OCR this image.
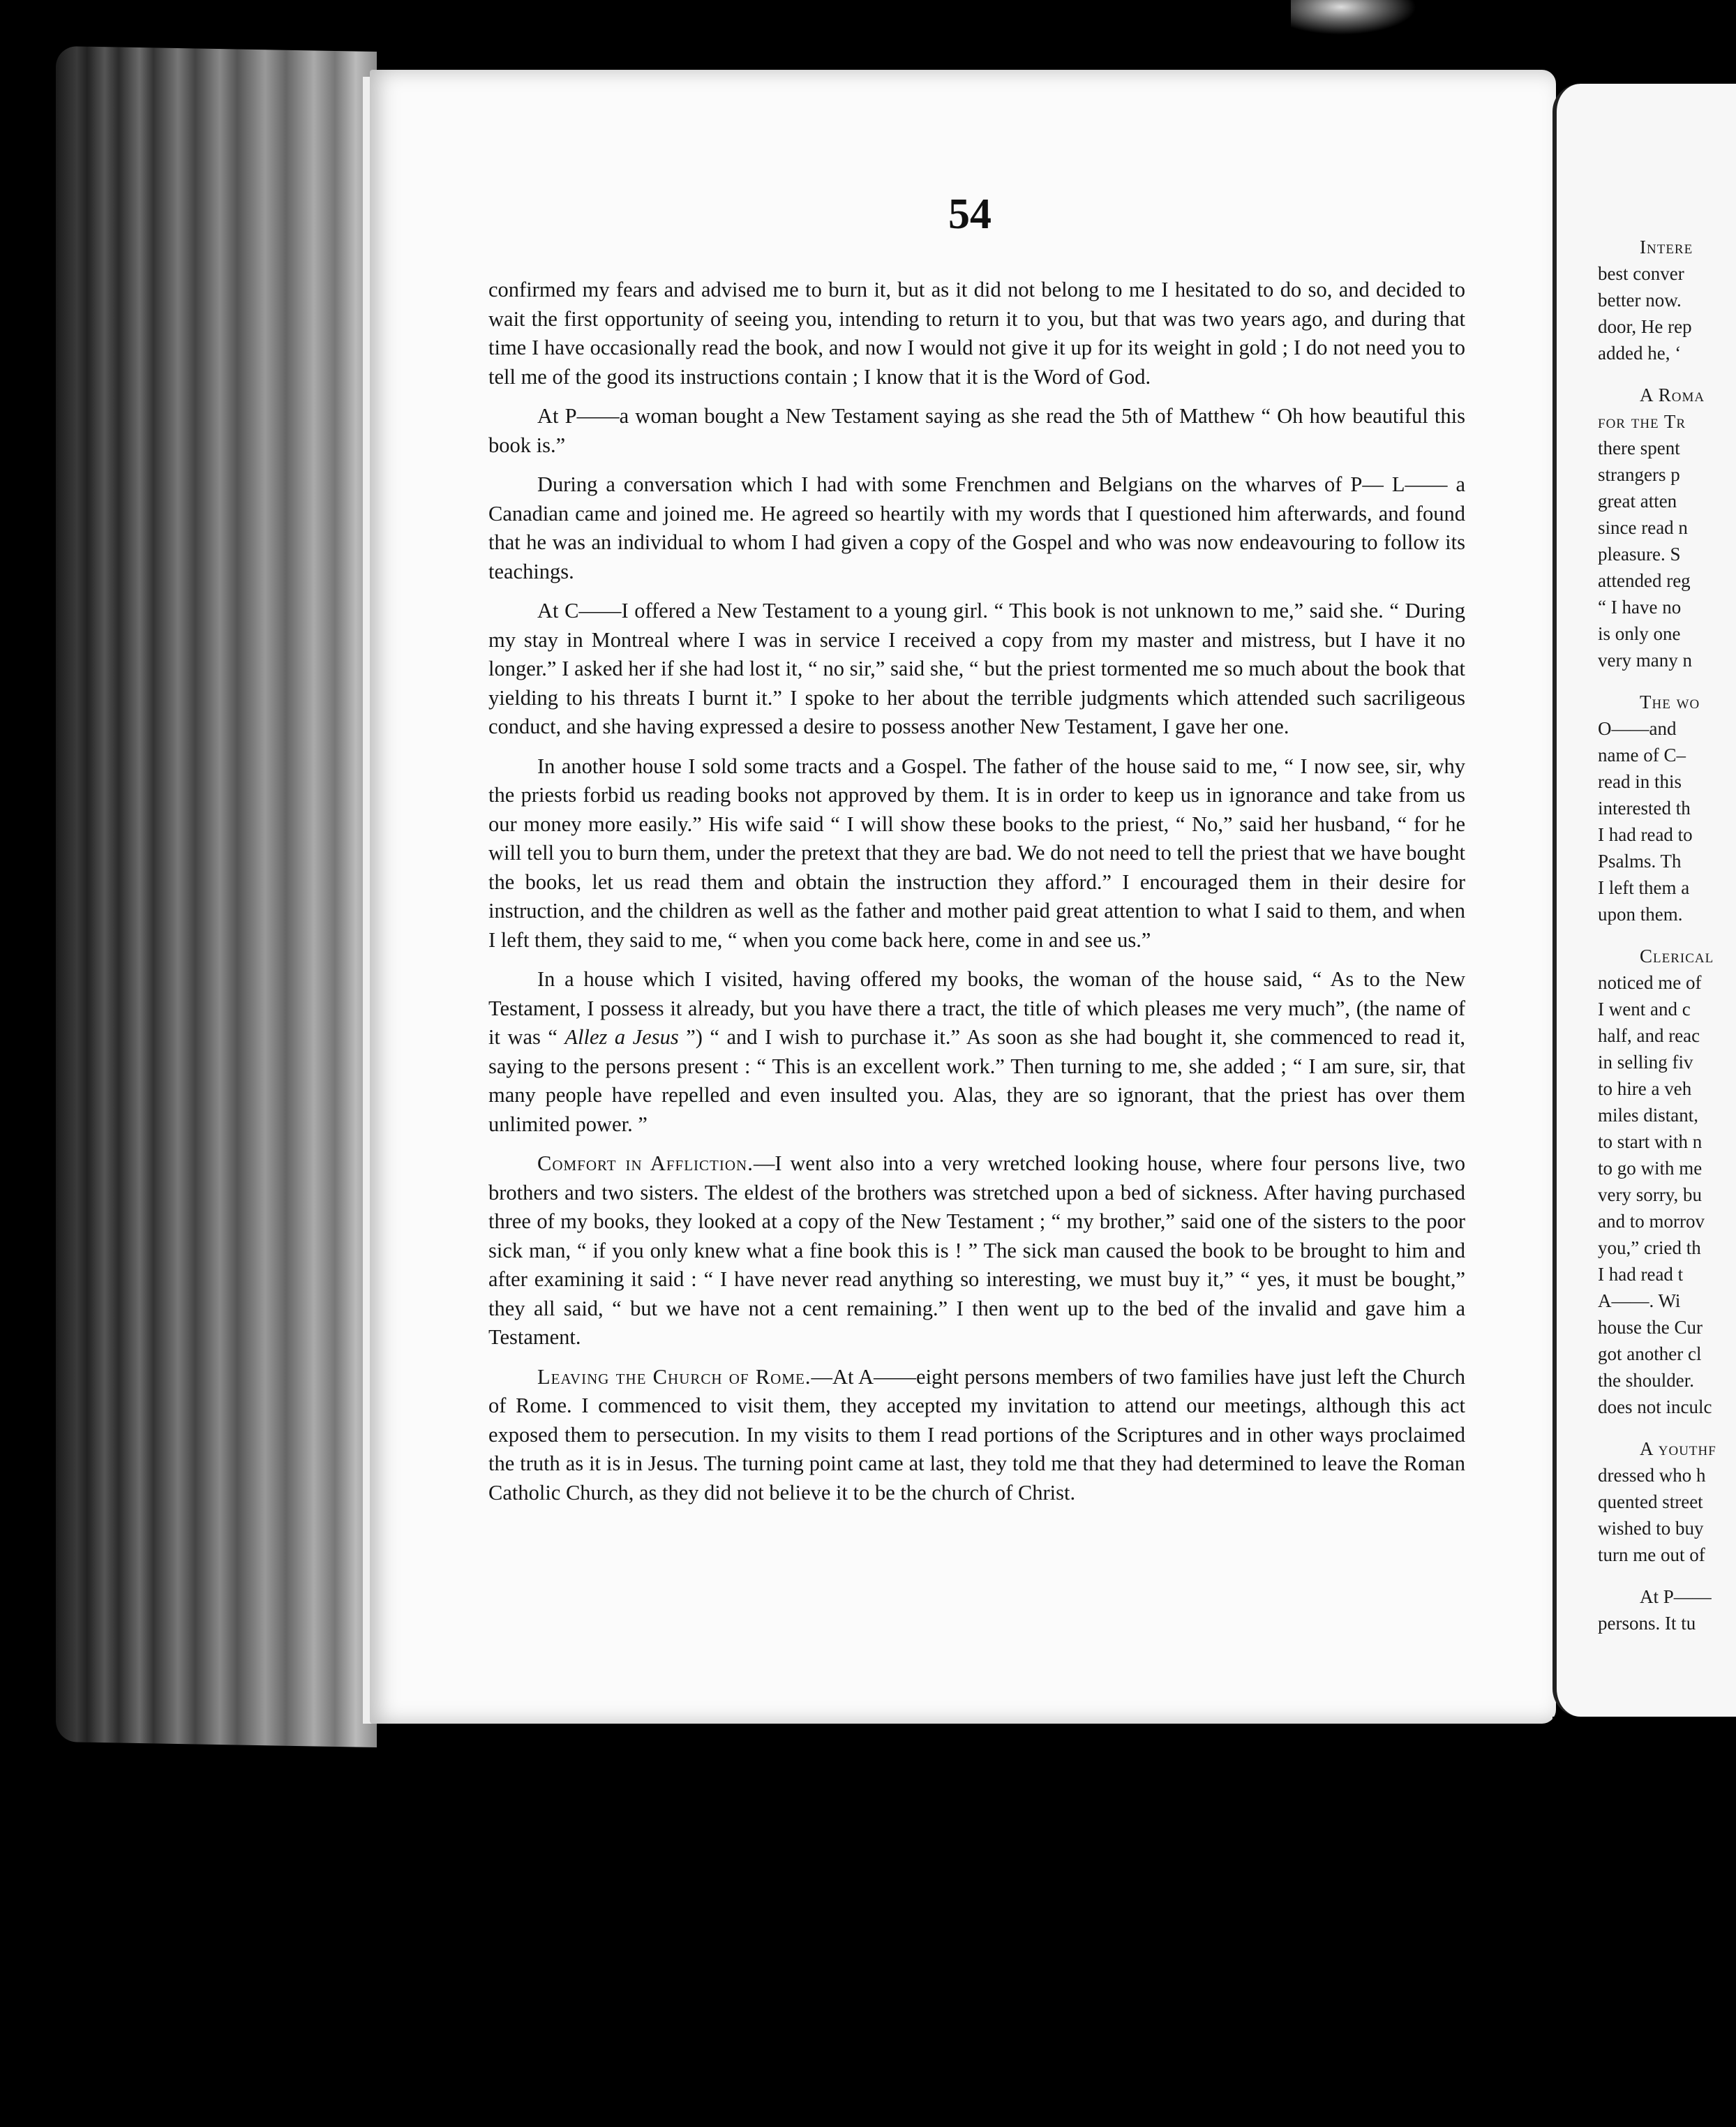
54

confirmed my fears and advised me to burn it, but as it did not belong to me I hesitated to do so, and decided to wait the first opportunity of seeing you, intending to return it to you, but that was two years ago, and during that time I have occasionally read the book, and now I would not give it up for its weight in gold ; I do not need you to tell me of the good its instructions contain ; I know that it is the Word of God.

At P——a woman bought a New Testament saying as she read the 5th of Matthew “ Oh how beautiful this book is.”

During a conversation which I had with some Frenchmen and Belgians on the wharves of P— L—— a Canadian came and joined me. He agreed so heartily with my words that I questioned him afterwards, and found that he was an individual to whom I had given a copy of the Gospel and who was now endeavouring to follow its teachings.

At C——I offered a New Testament to a young girl. “ This book is not unknown to me,” said she. “ During my stay in Montreal where I was in service I received a copy from my master and mistress, but I have it no longer.” I asked her if she had lost it, “ no sir,” said she, “ but the priest tormented me so much about the book that yielding to his threats I burnt it.” I spoke to her about the terrible judgments which attended such sacriligeous conduct, and she having expressed a desire to possess another New Testament, I gave her one.

In another house I sold some tracts and a Gospel. The father of the house said to me, “ I now see, sir, why the priests forbid us reading books not approved by them. It is in order to keep us in ignorance and take from us our money more easily.” His wife said “ I will show these books to the priest, “ No,” said her husband, “ for he will tell you to burn them, under the pretext that they are bad. We do not need to tell the priest that we have bought the books, let us read them and obtain the instruction they afford.” I encouraged them in their desire for instruction, and the children as well as the father and mother paid great attention to what I said to them, and when I left them, they said to me, “ when you come back here, come in and see us.”

In a house which I visited, having offered my books, the woman of the house said, “ As to the New Testament, I possess it already, but you have there a tract, the title of which pleases me very much”, (the name of it was “ Allez a Jesus ”) “ and I wish to purchase it.” As soon as she had bought it, she commenced to read it, saying to the persons present : “ This is an excellent work.” Then turning to me, she added ; “ I am sure, sir, that many people have repelled and even insulted you. Alas, they are so ignorant, that the priest has over them unlimited power. ”

Comfort in Affliction.—I went also into a very wretched looking house, where four persons live, two brothers and two sisters. The eldest of the brothers was stretched upon a bed of sickness. After having purchased three of my books, they looked at a copy of the New Testament ; “ my brother,” said one of the sisters to the poor sick man, “ if you only knew what a fine book this is ! ” The sick man caused the book to be brought to him and after examining it said : “ I have never read anything so interesting, we must buy it,” “ yes, it must be bought,” they all said, “ but we have not a cent remaining.” I then went up to the bed of the invalid and gave him a Testament.

Leaving the Church of Rome.—At A——eight persons members of two families have just left the Church of Rome. I commenced to visit them, they accepted my invitation to attend our meetings, although this act exposed them to persecution. In my visits to them I read portions of the Scriptures and in other ways proclaimed the truth as it is in Jesus. The turning point came at last, they told me that they had determined to leave the Roman Catholic Church, as they did not believe it to be the church of Christ.

Intere
best conver
better now.
door, He rep
added he, ‘
A Roma
for the Tr
there spent
strangers p
great atten
since read n
pleasure. S
attended reg
“ I have no
is only one
very many n
The wo
O——and
name of C–
read in this
interested th
I had read to
Psalms. Th
I left them a
upon them.
Clerical
noticed me of
I went and c
half, and reac
in selling fiv
to hire a veh
miles distant,
to start with n
to go with me
very sorry, bu
and to morrov
you,” cried th
I had read t
A——. Wi
house the Cur
got another cl
the shoulder.
does not inculc
A youthf
dressed who h
quented street
wished to buy
turn me out of
At P——
persons. It tu
